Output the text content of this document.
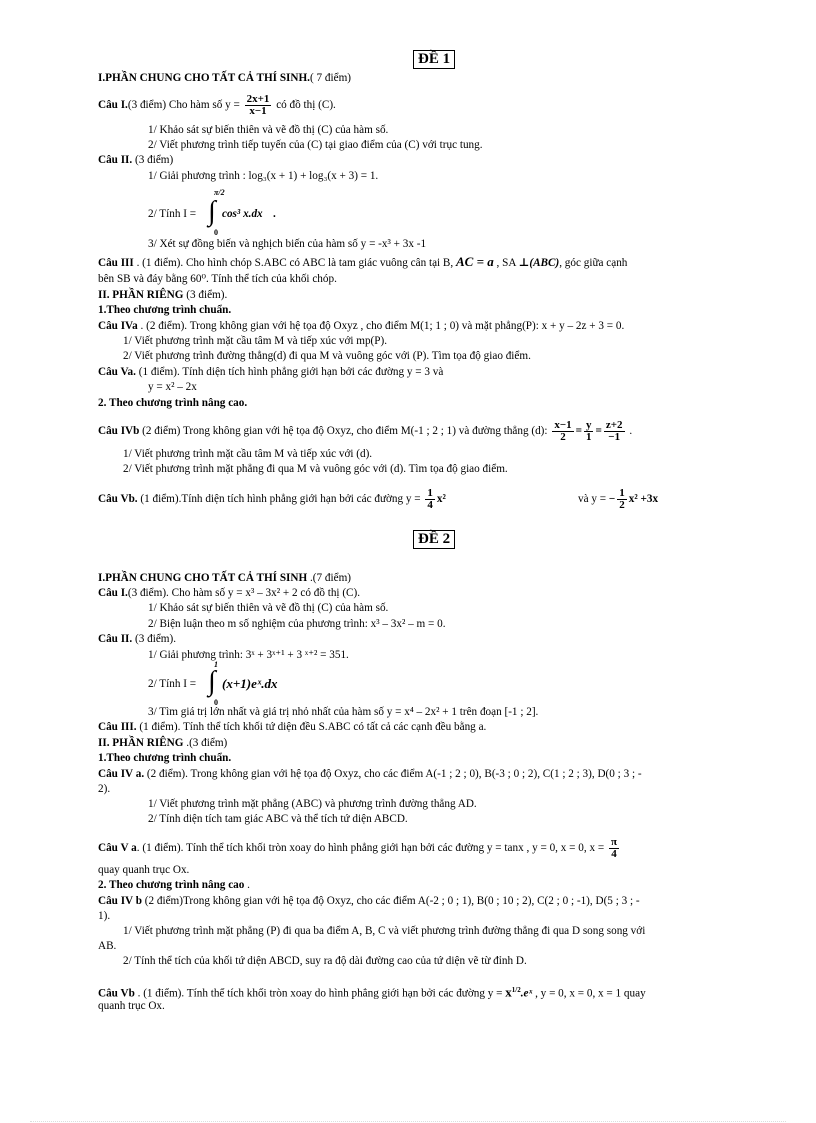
ĐỀ 1
I.PHẦN CHUNG CHO TẤT CẢ THÍ SINH.( 7 điểm)
Câu I.(3 điểm) Cho hàm số $y = \frac{2x+1}{x-1}$ có đồ thị (C).
1/ Khảo sát sự biến thiên và vẽ đồ thị (C) của hàm số.
2/ Viết phương trình tiếp tuyến của (C) tại giao điểm của (C) với trục tung.
Câu II. (3 điểm)
1/ Giải phương trình : log₃(x + 1) + log₃(x + 3) = 1.
2/ Tính I =
π/2
∫
0
cos³ x.dx .
3/ Xét sự đồng biến và nghịch biến của hàm số y = -x³ + 3x -1
Câu III . (1 điểm). Cho hình chóp S.ABC có ABC là tam giác vuông cân tại B, AC = a , SA ⊥(ABC), góc giữa cạnh
bên SB và đáy bằng 60⁰. Tính thể tích của khối chóp.
II. PHẦN RIÊNG (3 điểm).
1.Theo chương trình chuẩn.
Câu IVa . (2 điểm). Trong không gian với hệ tọa độ Oxyz , cho điểm M(1; 1 ; 0) và mặt phẳng(P): x + y – 2z + 3 = 0.
1/ Viết phương trình mặt cầu tâm M và tiếp xúc với mp(P).
2/ Viết phương trình đường thẳng(d) đi qua M và vuông góc với (P). Tìm tọa độ giao điểm.
Câu Va. (1 điểm). Tính diện tích hình phẳng giới hạn bởi các đường y = 3 và
y = x² – 2x
2. Theo chương trình nâng cao.
Câu IVb (2 điểm) Trong không gian với hệ tọa độ Oxyz, cho điểm M(-1 ; 2 ; 1) và đường thẳng (d): $\frac{x-1}{2} = \frac{y}{1} = \frac{z+2}{-1}$ .
1/ Viết phương trình mặt cầu tâm M và tiếp xúc với (d).
2/ Viết phương trình mặt phẳng đi qua M và vuông góc với (d). Tìm tọa độ giao điểm.
Câu Vb. (1 điểm).Tính diện tích hình phẳng giới hạn bởi các đường $y = \frac{1}{4} x^2$	và y = − $\frac{1}{2} x^2 +3x$
ĐỀ 2
I.PHẦN CHUNG CHO TẤT CẢ THÍ SINH .(7 điểm)
Câu I.(3 điểm). Cho hàm số y = x³ – 3x² + 2 có đồ thị (C).
1/ Khảo sát sự biến thiên và vẽ đồ thị (C) của hàm số.
2/ Biện luận theo m số nghiệm của phương trình: x³ – 3x² – m = 0.
Câu II. (3 điểm).
1/ Giải phương trình: 3ˣ + 3ˣ⁺¹ + 3 ˣ⁺² = 351.
2/ Tính I =
1
∫
0
(x+1)eˣ.dx
3/ Tìm giá trị lớn nhất và giá trị nhỏ nhất của hàm số y = x⁴ – 2x² + 1 trên đoạn [-1 ; 2].
Câu III. (1 điểm). Tính thể tích khối tứ diện đều S.ABC có tất cả các cạnh đều bằng a.
II. PHẦN RIÊNG .(3 điểm)
1.Theo chương trình chuẩn.
Câu IV a. (2 điểm). Trong không gian với hệ tọa độ Oxyz, cho các điểm A(-1 ; 2 ; 0), B(-3 ; 0 ; 2), C(1 ; 2 ; 3), D(0 ; 3 ; -
2).
1/ Viết phương trình mặt phẳng (ABC) và phương trình đường thẳng AD.
2/ Tính diện tích tam giác ABC và thể tích tứ diện ABCD.
Câu V a. (1 điểm). Tính thể tích khối tròn xoay do hình phẳng giới hạn bởi các đường y = tanx , y = 0, x = 0, $x = \frac{\pi}{4}$
quay quanh trục Ox.
2. Theo chương trình nâng cao .
Câu IV b (2 điểm)Trong không gian với hệ tọa độ Oxyz, cho các điểm A(-2 ; 0 ; 1), B(0 ; 10 ; 2), C(2 ; 0 ; -1), D(5 ; 3 ; -
1).
1/ Viết phương trình mặt phẳng (P) đi qua ba điểm A, B, C và viết phương trình đường thẳng đi qua D song song với
AB.
2/ Tính thể tích của khối tứ diện ABCD, suy ra độ dài đường cao của tứ diện vẽ từ đỉnh D.
Câu Vb . (1 điểm). Tính thể tích khối tròn xoay do hình phẳng giới hạn bởi các đường $y = x^{1/2}.eˣ$ , y = 0, x = 0, x = 1 quay
quanh trục Ox.
